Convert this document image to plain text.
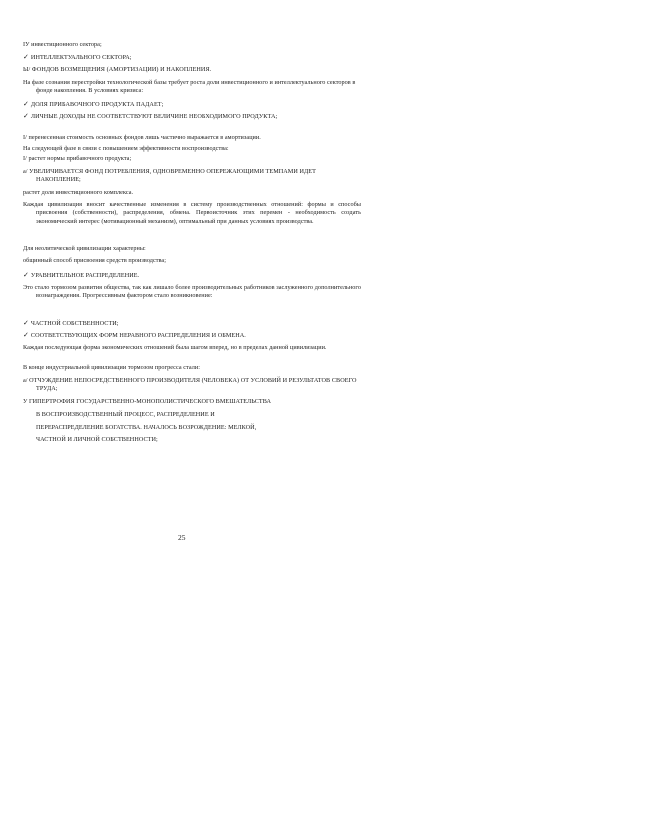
ІУ инвестиционного сектора;
✓ ИНТЕЛЛЕКТУАЛЬНОГО СЕКТОРА;
Ы/ ФОНДОВ ВОЗМЕЩЕНИЯ (АМОРТИЗАЦИИ) И НАКОПЛЕНИЯ.
На фазе сознания перестройки технологической базы требует роста доли инвестиционного и интеллектуального секторов в фонде накопления. В условиях кризиса:
✓ ДОЛЯ ПРИБАВОЧНОГО ПРОДУКТА ПАДАЕТ;
✓ ЛИЧНЫЕ ДОХОДЫ НЕ СООТВЕТСТВУЮТ ВЕЛИЧИНЕ НЕОБХОДИМОГО ПРОДУКТА;
І/ перенесенная стоимость основных фондов лишь частично выражается в амортизации.
На следующей фазе в связи с повышением эффективности воспроизводства:
І/ растет нормы прибавочного продукта;
а/ УВЕЛИЧИВАЕТСЯ ФОНД ПОТРЕБЛЕНИЯ, ОДНОВРЕМЕННО ОПЕРЕЖАЮЩИМИ ТЕМПАМИ ИДЕТ НАКОПЛЕНИЕ;
растет доля инвестиционного комплекса.
Каждая цивилизация вносит качественные изменения в систему производственных отношений: формы и способы присвоения (собственности), распределения, обмена. Первоисточник этих перемен - необходимость создать экономический интерес (мотивационный механизм), оптимальный при данных условиях производства.
Для неолитической цивилизации характерны:
общинный способ присвоения средств производства;
✓ УРАВНИТЕЛЬНОЕ РАСПРЕДЕЛЕНИЕ.
Это стало тормозом развития общества, так как лишало более производительных работников заслуженного дополнительного вознаграждения. Прогрессивным фактором стало возникновение:
✓ ЧАСТНОЙ СОБСТВЕННОСТИ;
✓ СООТВЕТСТВУЮЩИХ ФОРМ НЕРАВНОГО РАСПРЕДЕЛЕНИЯ И ОБМЕНА.
Каждая последующая форма экономических отношений была шагом вперед, но в пределах данной цивилизации.
В конце индустриальной цивилизации тормозом прогресса стали:
а/ ОТЧУЖДЕНИЕ НЕПОСРЕДСТВЕННОГО ПРОИЗВОДИТЕЛЯ (ЧЕЛОВЕКА) ОТ УСЛОВИЙ И РЕЗУЛЬТАТОВ СВОЕГО ТРУДА;
У ГИПЕРТРОФИЯ ГОСУДАРСТВЕННО-МОНОПОЛИСТИЧЕСКОГО ВМЕШАТЕЛЬСТВА
В ВОСПРОИЗВОДСТВЕННЫЙ ПРОЦЕСС, РАСПРЕДЕЛЕНИЕ И
ПЕРЕРАСПРЕДЕЛЕНИЕ БОГАТСТВА. НАЧАЛОСЬ ВОЗРОЖДЕНИЕ: МЕЛКОЙ,
ЧАСТНОЙ И ЛИЧНОЙ СОБСТВЕННОСТИ;
25
